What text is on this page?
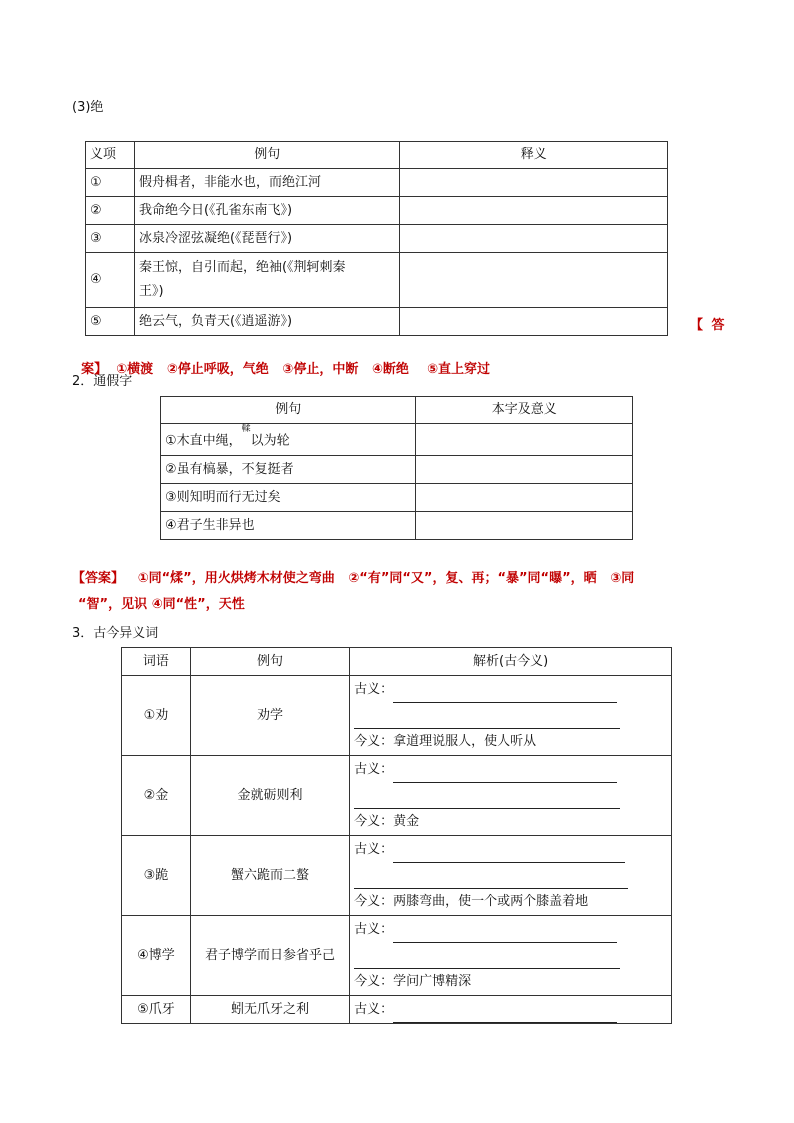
(3)绝
义项	例句	释义
①	假舟楫者，非能水也，而绝江河	
②	我命绝今日(《孔雀东南飞》)	
③	冰泉冷涩弦凝绝(《琵琶行》)	
④	秦王惊，自引而起，绝袖(《荆轲刺秦
王》)	

⑤	绝云气，负青天(《逍遥游》)		【 答

案】 ①横渡   ②停止呼吸，气绝   ③停止，中断   ④断绝    ⑤直上穿过

2．通假字
例句	本字及意义
①木直中绳，$^輮$以为轮	
②虽有槁暴，不复挺者	
③则知明而行无过矣	
④君子生非异也	
【答案】 ①同“煣”，用火烘烤木材使之弯曲   ②“有”同“又”，复、再；“暴”同“曝”，晒   ③同
“智”，见识 ④同“性”，天性
3．古今异义词
词语	例句	解析(古今义)
①劝	劝学	古义：
今义：拿道理说服人，使人听从

②金	金就砺则利	古义：
今义：黄金

③跪	蟹六跪而二螯	古义：
今义：两膝弯曲，使一个或两个膝盖着地

④博学	君子博学而日参省乎己	古义：
今义：学问广博精深

⑤爪牙	蚓无爪牙之利	古义：
